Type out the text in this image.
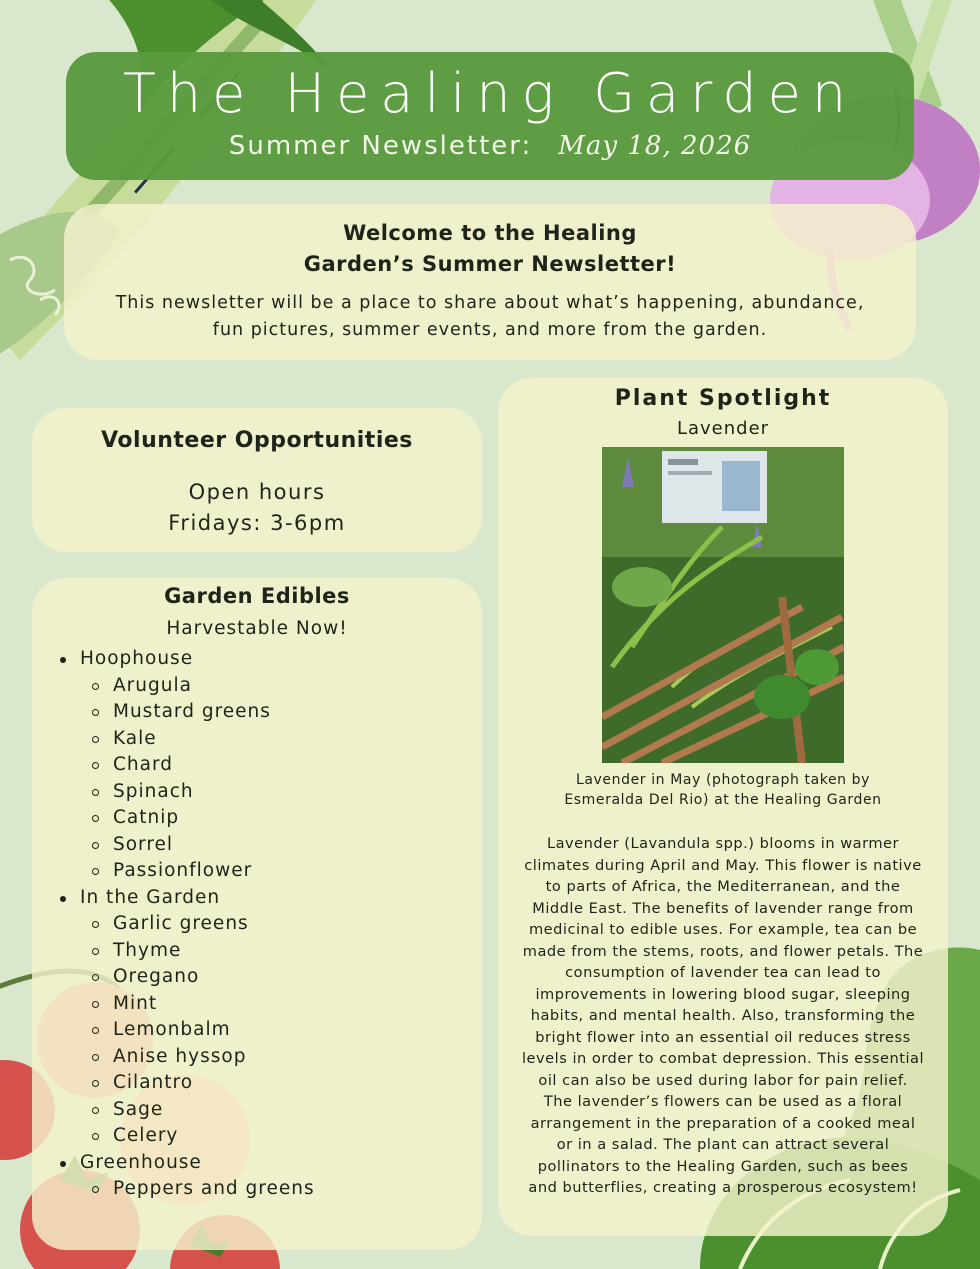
The Healing Garden
Summer Newsletter: May 18, 2026
Welcome to the Healing
Garden’s Summer Newsletter!

This newsletter will be a place to share about what’s happening, abundance,
fun pictures, summer events, and more from the garden.

Volunteer Opportunities
Open hours
Fridays: 3-6pm
Garden Edibles
Harvestable Now!
Hoophouse
Arugula
Mustard greens
Kale
Chard
Spinach
Catnip
Sorrel
Passionflower
In the Garden
Garlic greens
Thyme
Oregano
Mint
Lemonbalm
Anise hyssop
Cilantro
Sage
Celery
Greenhouse
Peppers and greens
Plant Spotlight
Lavender
Lavender in May (photograph taken by
Esmeralda Del Rio) at the Healing Garden
Lavender (Lavandula spp.) blooms in warmer
climates during April and May. This flower is native
to parts of Africa, the Mediterranean, and the
Middle East. The benefits of lavender range from
medicinal to edible uses. For example, tea can be
made from the stems, roots, and flower petals. The
consumption of lavender tea can lead to
improvements in lowering blood sugar, sleeping
habits, and mental health. Also, transforming the
bright flower into an essential oil reduces stress
levels in order to combat depression. This essential
oil can also be used during labor for pain relief.
The lavender’s flowers can be used as a floral
arrangement in the preparation of a cooked meal
or in a salad. The plant can attract several
pollinators to the Healing Garden, such as bees
and butterflies, creating a prosperous ecosystem!
